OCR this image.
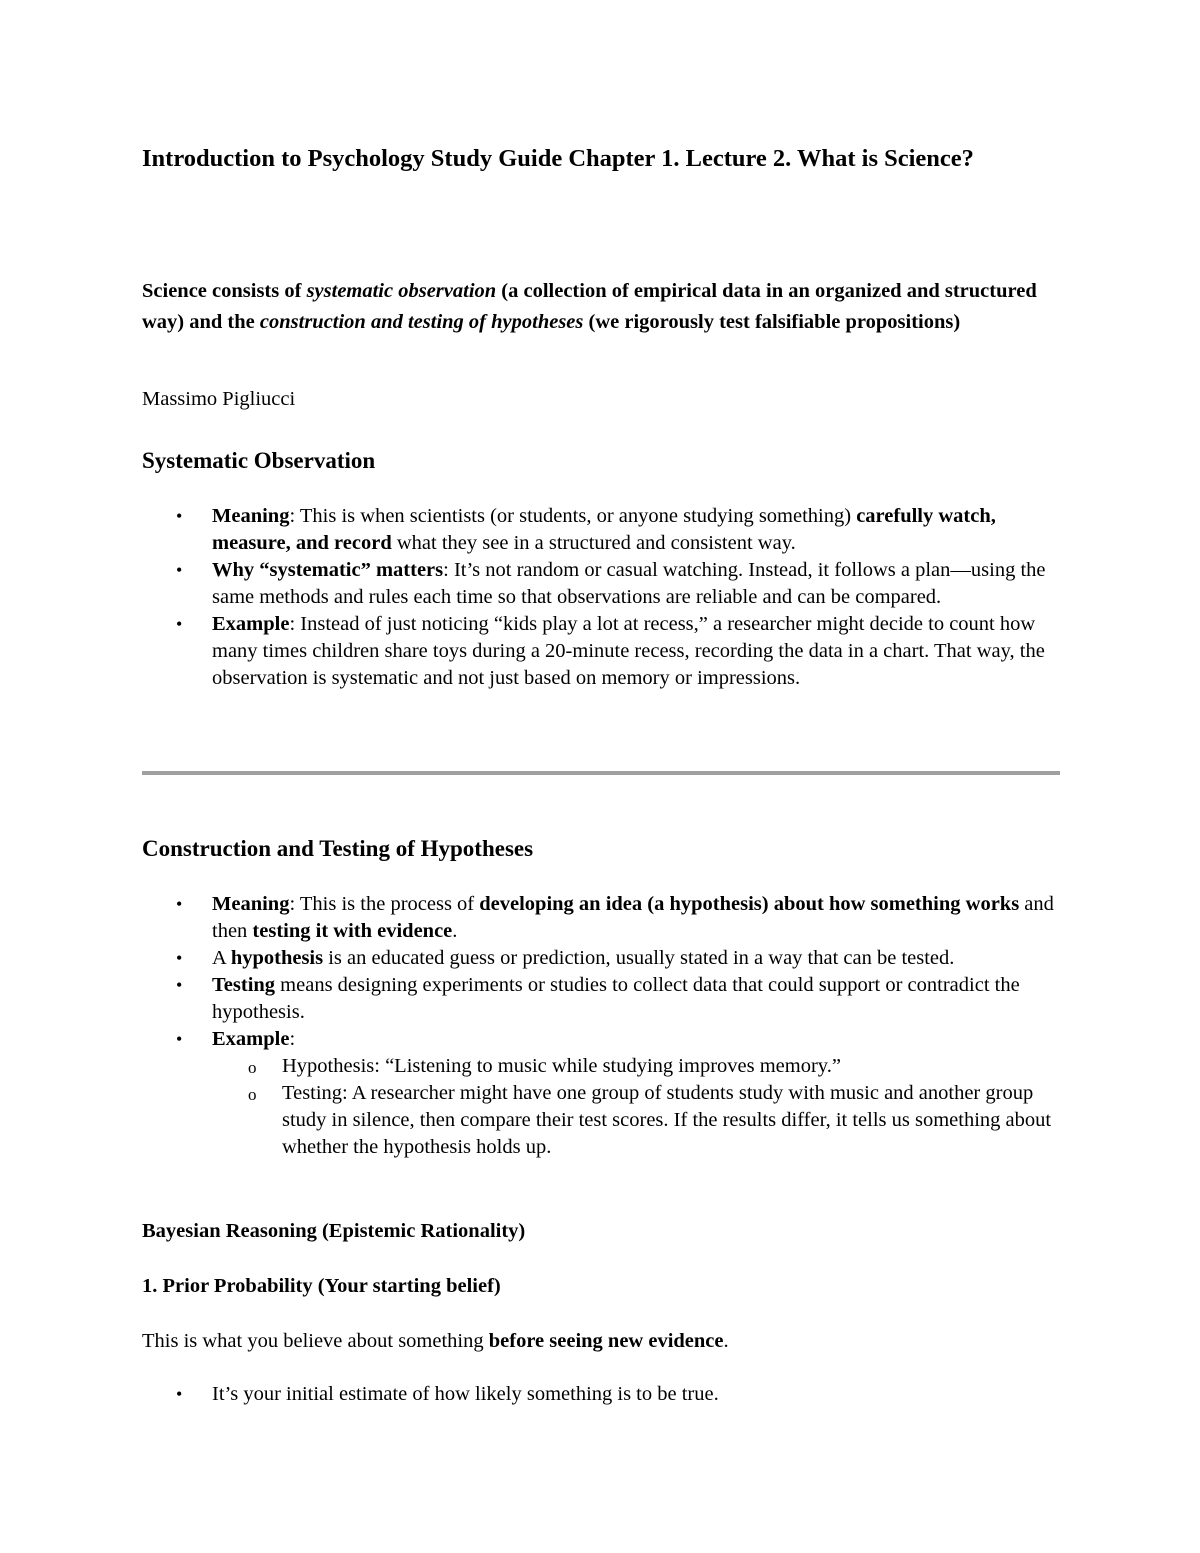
Introduction to Psychology Study Guide Chapter 1. Lecture 2. What is Science?

Science consists of systematic observation (a collection of empirical data in an organized and structured way) and the construction and testing of hypotheses (we rigorously test falsifiable propositions)

Massimo Pigliucci

Systematic Observation
• Meaning: This is when scientists (or students, or anyone studying something) carefully watch, measure, and record what they see in a structured and consistent way.
• Why “systematic” matters: It’s not random or casual watching. Instead, it follows a plan—using the same methods and rules each time so that observations are reliable and can be compared.
• Example: Instead of just noticing “kids play a lot at recess,” a researcher might decide to count how many times children share toys during a 20-minute recess, recording the data in a chart. That way, the observation is systematic and not just based on memory or impressions.
Construction and Testing of Hypotheses
• Meaning: This is the process of developing an idea (a hypothesis) about how something works and then testing it with evidence.
• A hypothesis is an educated guess or prediction, usually stated in a way that can be tested.
• Testing means designing experiments or studies to collect data that could support or contradict the hypothesis.
• Example:
o Hypothesis: “Listening to music while studying improves memory.”
o Testing: A researcher might have one group of students study with music and another group study in silence, then compare their test scores. If the results differ, it tells us something about whether the hypothesis holds up.
Bayesian Reasoning (Epistemic Rationality)
1. Prior Probability (Your starting belief)

This is what you believe about something before seeing new evidence.

• It’s your initial estimate of how likely something is to be true.
